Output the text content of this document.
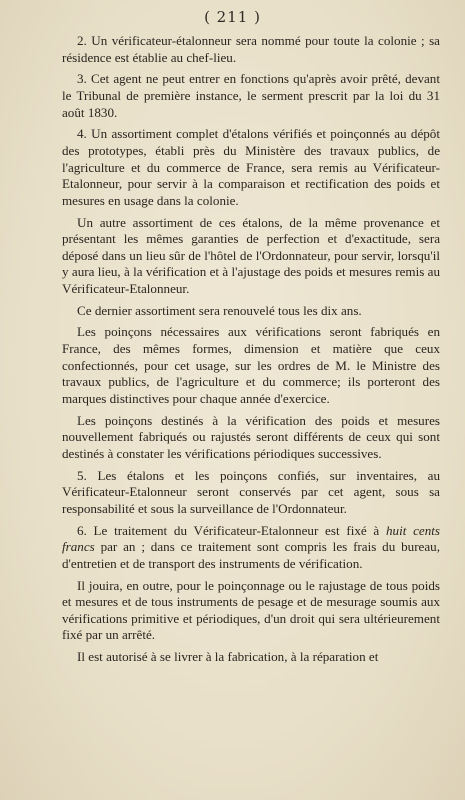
( 211 )

2. Un vérificateur-étalonneur sera nommé pour toute la colonie ; sa résidence est établie au chef-lieu.

3. Cet agent ne peut entrer en fonctions qu'après avoir prêté, devant le Tribunal de première instance, le serment prescrit par la loi du 31 août 1830.

4. Un assortiment complet d'étalons vérifiés et poinçonnés au dépôt des prototypes, établi près du Ministère des travaux publics, de l'agriculture et du commerce de France, sera remis au Vérificateur-Etalonneur, pour servir à la comparaison et rectification des poids et mesures en usage dans la colonie.

Un autre assortiment de ces étalons, de la même provenance et présentant les mêmes garanties de perfection et d'exactitude, sera déposé dans un lieu sûr de l'hôtel de l'Ordonnateur, pour servir, lorsqu'il y aura lieu, à la vérification et à l'ajustage des poids et mesures remis au Vérificateur-Etalonneur.

Ce dernier assortiment sera renouvelé tous les dix ans.

Les poinçons nécessaires aux vérifications seront fabriqués en France, des mêmes formes, dimension et matière que ceux confectionnés, pour cet usage, sur les ordres de M. le Ministre des travaux publics, de l'agriculture et du commerce; ils porteront des marques distinctives pour chaque année d'exercice.

Les poinçons destinés à la vérification des poids et mesures nouvellement fabriqués ou rajustés seront différents de ceux qui sont destinés à constater les vérifications périodiques successives.

5. Les étalons et les poinçons confiés, sur inventaires, au Vérificateur-Etalonneur seront conservés par cet agent, sous sa responsabilité et sous la surveillance de l'Ordonnateur.

6. Le traitement du Vérificateur-Etalonneur est fixé à huit cents francs par an ; dans ce traitement sont compris les frais du bureau, d'entretien et de transport des instruments de vérification.

Il jouira, en outre, pour le poinçonnage ou le rajustage de tous poids et mesures et de tous instruments de pesage et de mesurage soumis aux vérifications primitive et périodiques, d'un droit qui sera ultérieurement fixé par un arrêté.

Il est autorisé à se livrer à la fabrication, à la réparation et
